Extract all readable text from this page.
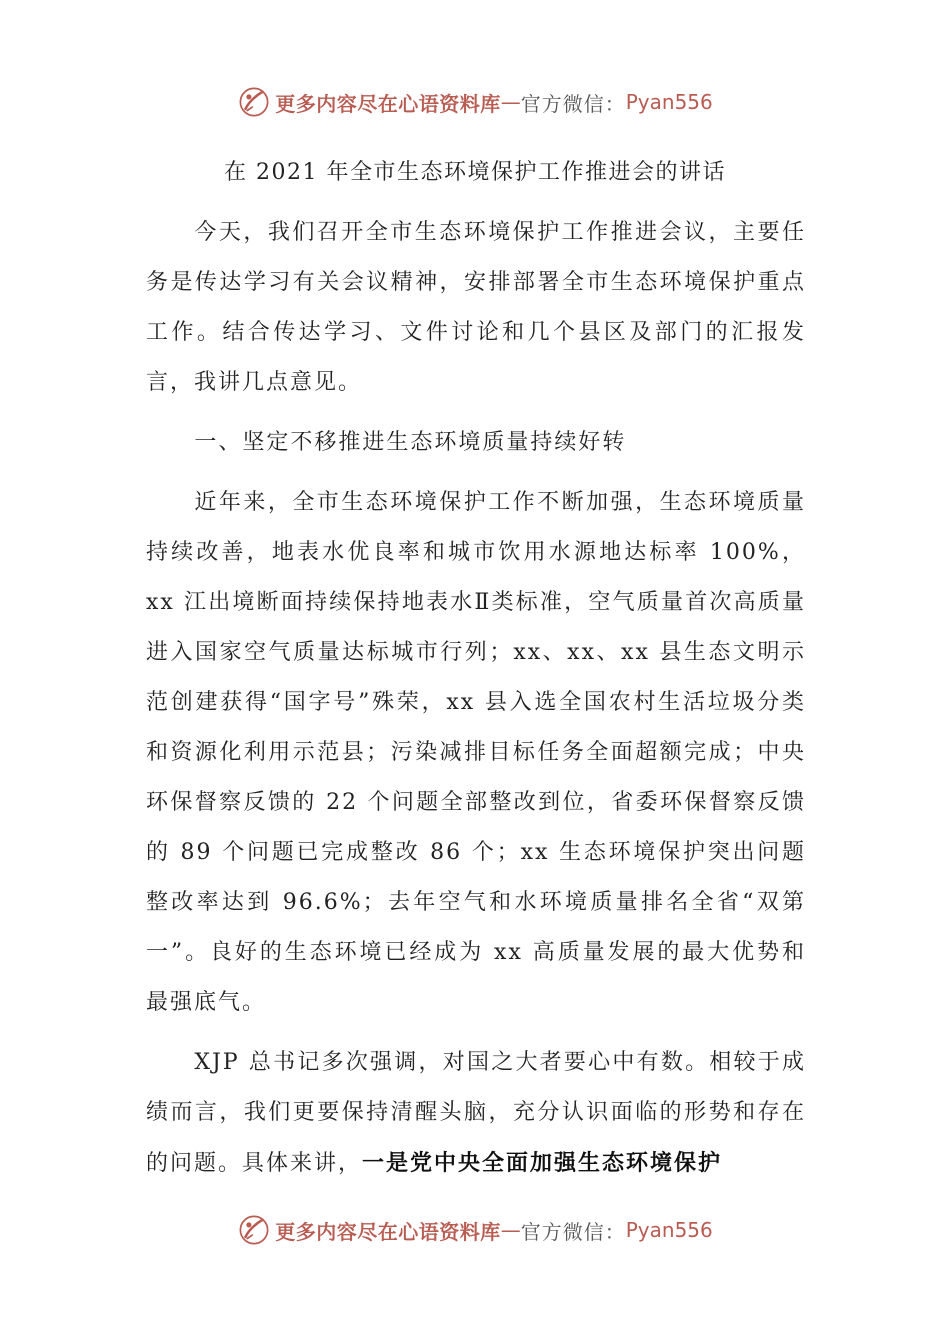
更多内容尽在心语资料库 — 官方微信： Pyan556
在 2021 年全市生态环境保护工作推进会的讲话

今天，我们召开全市生态环境保护工作推进会议，主要任务是传达学习有关会议精神，安排部署全市生态环境保护重点工作。结合传达学习、文件讨论和几个县区及部门的汇报发言，我讲几点意见。

一、坚定不移推进生态环境质量持续好转

近年来，全市生态环境保护工作不断加强，生态环境质量持续改善，地表水优良率和城市饮用水源地达标率 100%，xx 江出境断面持续保持地表水Ⅱ类标准，空气质量首次高质量进入国家空气质量达标城市行列；xx、xx、xx 县生态文明示范创建获得“国字号”殊荣，xx 县入选全国农村生活垃圾分类和资源化利用示范县；污染减排目标任务全面超额完成；中央环保督察反馈的 22 个问题全部整改到位，省委环保督察反馈的 89 个问题已完成整改 86 个；xx 生态环境保护突出问题整改率达到 96.6%；去年空气和水环境质量排名全省“双第一”。良好的生态环境已经成为 xx 高质量发展的最大优势和最强底气。

XJP 总书记多次强调，对国之大者要心中有数。相较于成绩而言，我们更要保持清醒头脑，充分认识面临的形势和存在的问题。具体来讲，一是党中央全面加强生态环境保护

更多内容尽在心语资料库 — 官方微信： Pyan556
